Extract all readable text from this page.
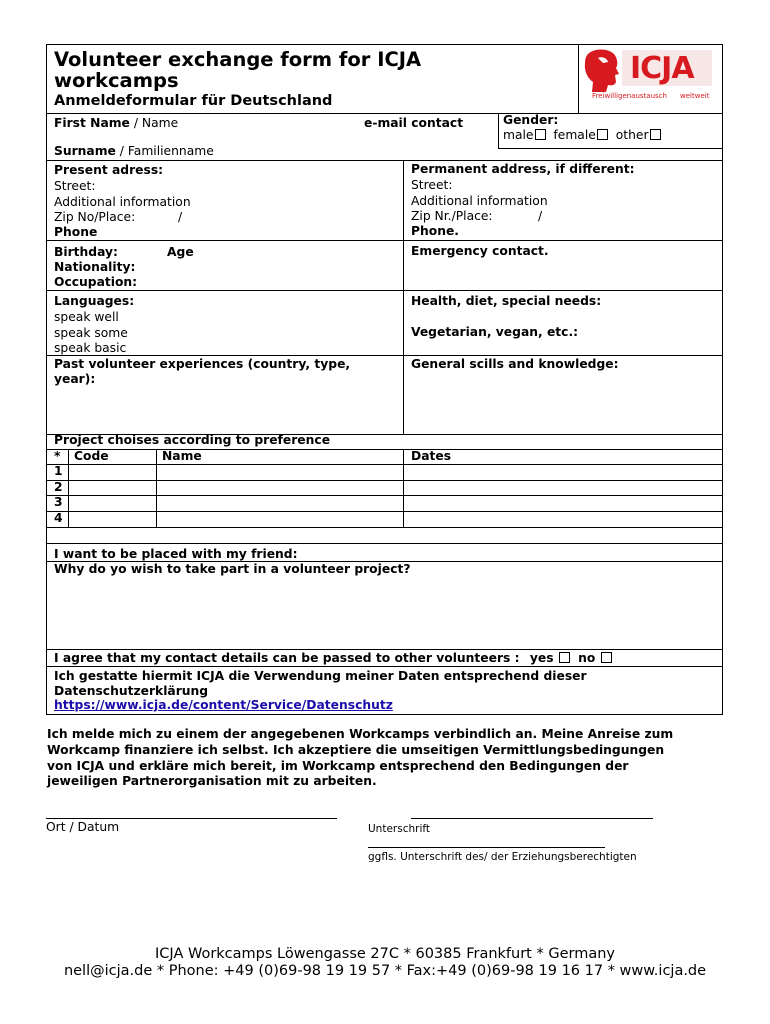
Volunteer exchange form for ICJA
workcamps
Anmeldeformular für Deutschland
ICJA
Freiwilligenaustausch weltweit
First Name / Name	e-mail contact	Gender:
male female other
Surname / Familienname
Present adress:
Street:
Additional information
Zip No/Place:	/
Phone
Permanent address, if different:
Street:
Additional information
Zip Nr./Place:	/
Phone.
Birthday:	Age
Nationality:
Occupation:
Emergency contact.
Languages:
speak well
speak some
speak basic
Health, diet, special needs:
Vegetarian, vegan, etc.:
Past volunteer experiences (country, type,
year):
General scills and knowledge:
Project choises according to preference
* Code	Name	Dates
1
2
3
4
I want to be placed with my friend:
Why do yo wish to take part in a volunteer project?
I agree that my contact details can be passed to other volunteers : yes no
Ich gestatte hiermit ICJA die Verwendung meiner Daten entsprechend dieser
Datenschutzerklärung
https://www.icja.de/content/Service/Datenschutz
Ich melde mich zu einem der angegebenen Workcamps verbindlich an. Meine Anreise zum
Workcamp finanziere ich selbst. Ich akzeptiere die umseitigen Vermittlungsbedingungen
von ICJA und erkläre mich bereit, im Workcamp entsprechend den Bedingungen der
jeweiligen Partnerorganisation mit zu arbeiten.
Ort / Datum	Unterschrift
ggfls. Unterschrift des/ der Erziehungsberechtigten
ICJA Workcamps Löwengasse 27C * 60385 Frankfurt * Germany
nell@icja.de * Phone: +49 (0)69-98 19 19 57 * Fax:+49 (0)69-98 19 16 17 * www.icja.de
